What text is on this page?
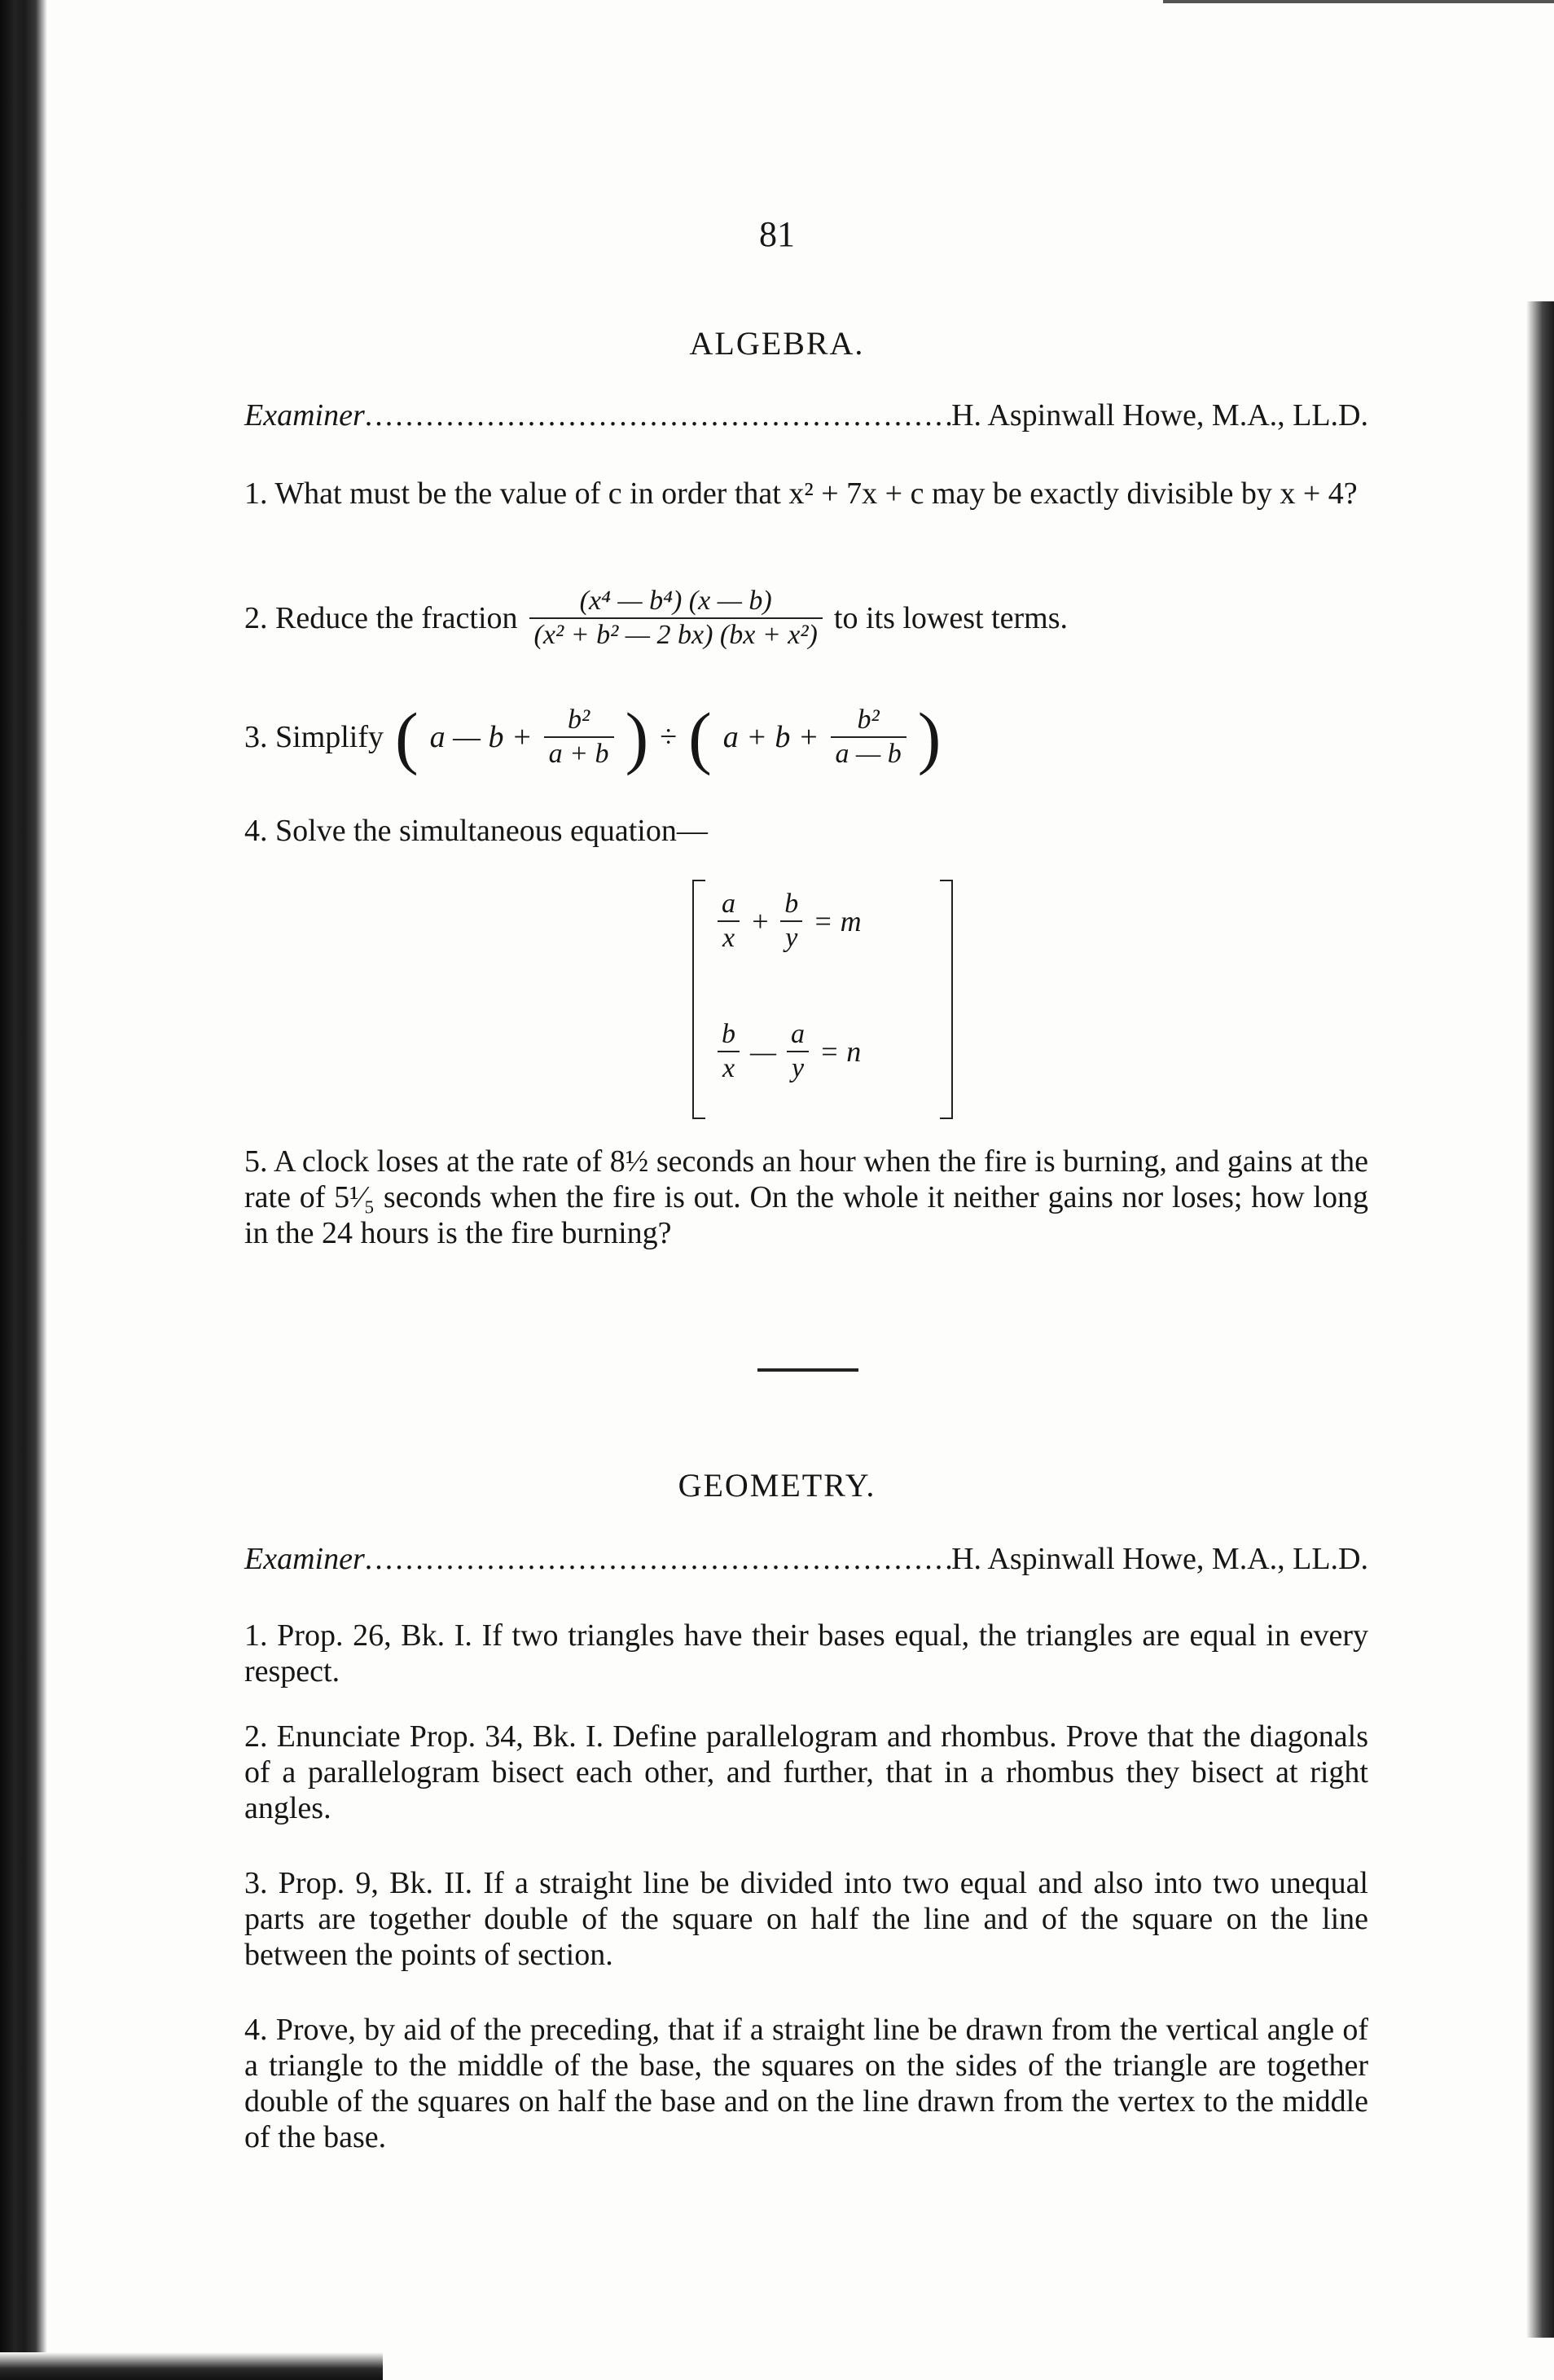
81
ALGEBRA.
Examiner .....	H. Aspinwall Howe, M.A., LL.D.
1. What must be the value of c in order that x² + 7x + c may be exactly divisible by x + 4?
2. Reduce the fraction $\frac{\text{(x⁴ — b⁴) (x — b)}}{\text{(x² + b² — 2 bx) (bx + x²)}}$ to its lowest terms.
3. Simplify ( a — $b + \frac{\text{b²}}{a + b}$ ) ÷ ( $a + b + \frac{\text{b²}}{a — b}$ )
4. Solve the simultaneous equation—
$\frac{a}{x} + \frac{b}{y} = m$
$\frac{b}{x}$ — $\frac{a}{y} = n$
5. A clock loses at the rate of 8½ seconds an hour when the fire is burning, and gains at the rate of 5¹⁄₅ seconds when the fire is out. On the whole it neither gains nor loses; how long in the 24 hours is the fire burning?
GEOMETRY.
Examiner .....	H. Aspinwall Howe, M.A., LL.D.
1. Prop. 26, Bk. I. If two triangles have their bases equal, the triangles are equal in every respect.
2. Enunciate Prop. 34, Bk. I. Define parallelogram and rhombus. Prove that the diagonals of a parallelogram bisect each other, and further, that in a rhombus they bisect at right angles.
3. Prop. 9, Bk. II. If a straight line be divided into two equal and also into two unequal parts are together double of the square on half the line and of the square on the line between the points of section.
4. Prove, by aid of the preceding, that if a straight line be drawn from the vertical angle of a triangle to the middle of the base, the squares on the sides of the triangle are together double of the squares on half the base and on the line drawn from the vertex to the middle of the base.
